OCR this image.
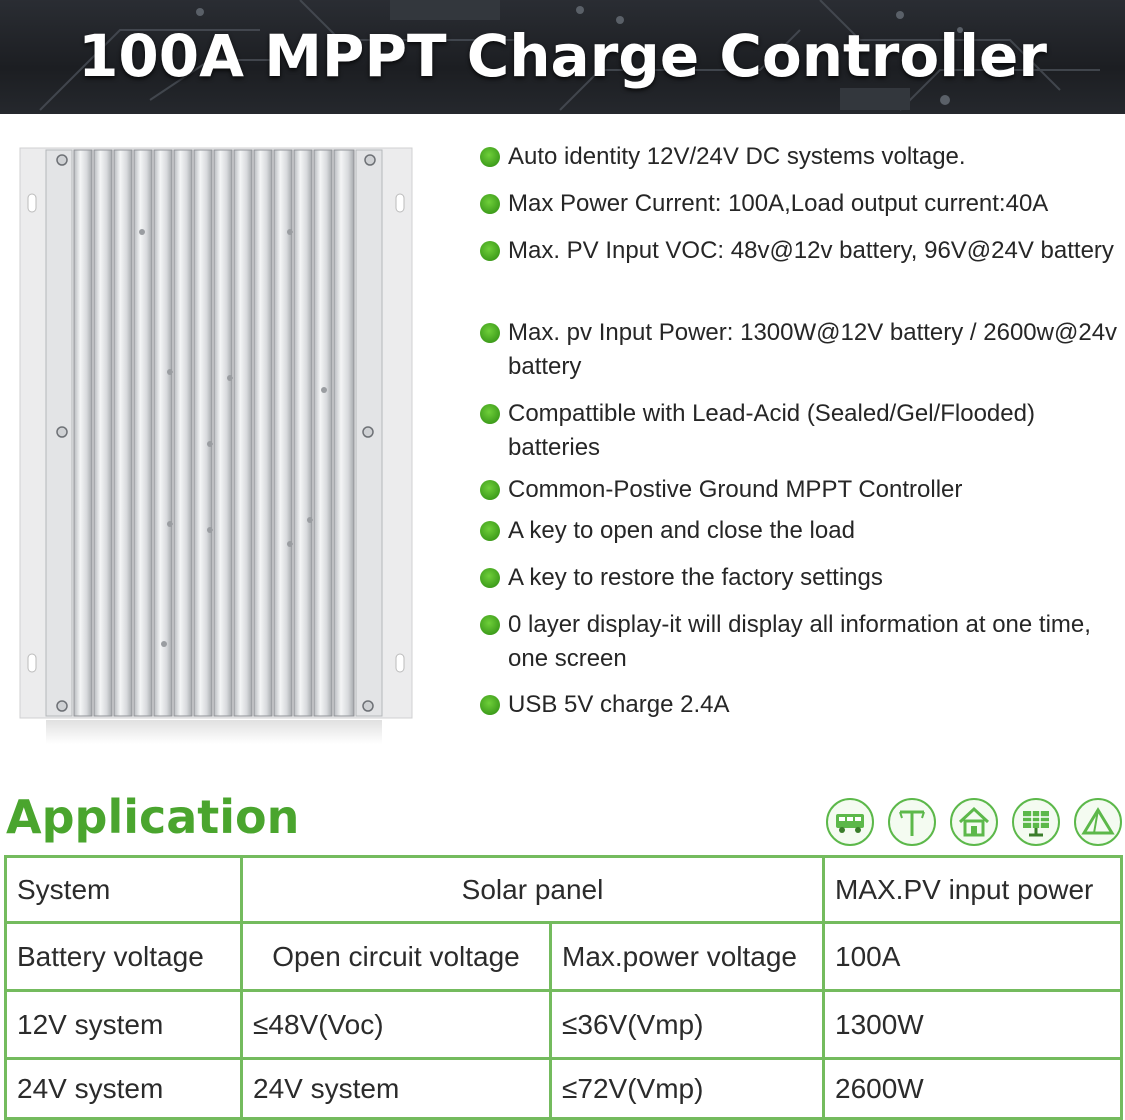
100A MPPT Charge Controller
Auto identity 12V/24V DC systems voltage.
Max Power Current: 100A,Load output current:40A
Max. PV Input VOC: 48v@12v battery, 96V@24V battery
Max. pv Input Power: 1300W@12V battery / 2600w@24v battery
Compattible with Lead-Acid (Sealed/Gel/Flooded) batteries
Common-Postive Ground MPPT Controller
A key to open and close the load
A key to restore the factory settings
0 layer display-it will display all information at one time, one screen
USB 5V charge 2.4A
Application
System	Solar panel		MAX.PV input power
Battery voltage	Open circuit voltage	Max.power voltage	100A
12V system	≤48V(Voc)	≤36V(Vmp)	1300W
24V system	24V system	≤72V(Vmp)	2600W
